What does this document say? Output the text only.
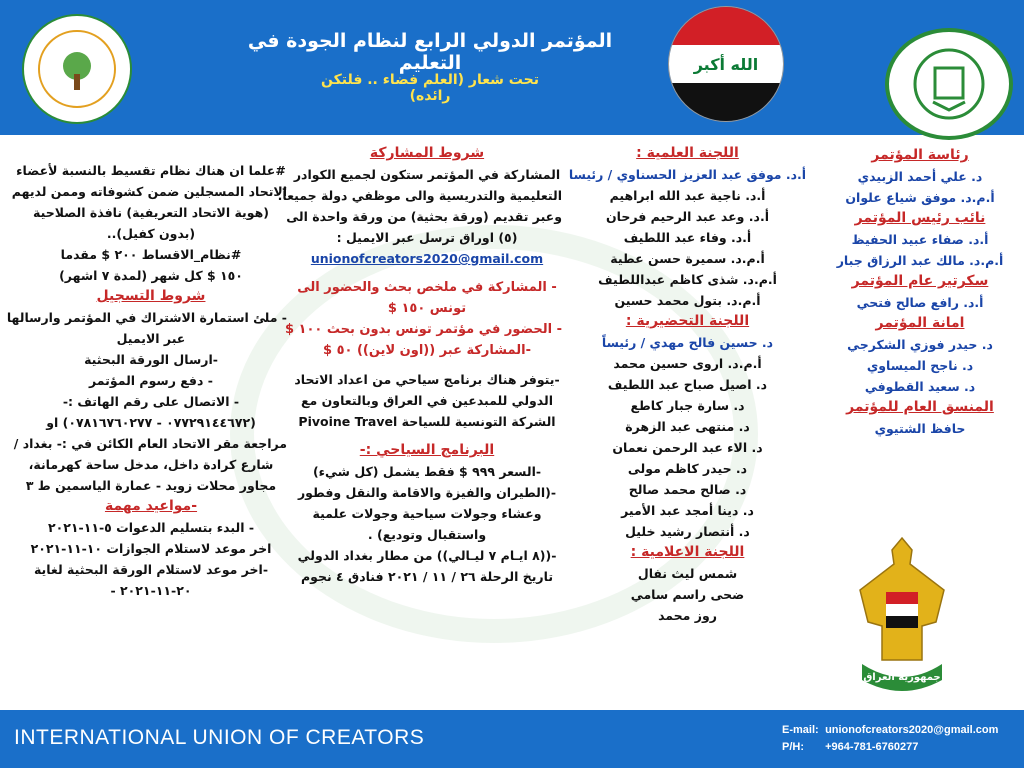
المؤتمر الدولي الرابع لنظام الجودة في التعليم
تحت شعار (العلم فضاء .. فلتكن رائده)
الله أكبر
رئاسة المؤتمر
د. علي أحمد الزبيدي
أ.م.د. موفق شياع علوان
نائب رئيس المؤتمر
أ.د. صفاء عبيد الحفيظ
أ.م.د. مالك عبد الرزاق جبار
سكرتير عام المؤتمر
أ.د. رافع صالح فتحي
امانة المؤتمر
د. حيدر فوزي الشكرجي
د. ناجح الميساوي
د. سعيد القطوفي
المنسق العام للمؤتمر
حافظ الشتيوي
اللجنة العلمية :
أ.د. موفق عبد العزيز الحسناوي / رئيسا
أ.د. ناجية عبد الله ابراهيم
أ.د. وعد عبد الرحيم فرحان
أ.د. وفاء عبد اللطيف
أ.م.د. سميرة حسن عطية
أ.م.د. شذى كاظم عبداللطيف
أ.م.د. بتول محمد حسين
اللجنة التحضيرية :
د. حسين فالح مهدي / رئيساً
أ.م.د. اروى حسين محمد
د. اصيل صباح عبد اللطيف
د. سارة جبار كاطع
د. منتهى عبد الزهرة
د. الاء عبد الرحمن نعمان
د. حيدر كاظم مولى
د. صالح محمد صالح
د. دينا أمجد عبد الأمير
د. أنتصار رشيد خليل
اللجنة الاعلامية :
شمس ليث نفال
ضحى راسم سامي
روز محمد
شروط المشاركة
المشاركة في المؤتمر ستكون لجميع الكوادر
التعليمية والتدريسية والى موظفي دولة جميعاً.
وعبر تقديم (ورقة بحثية) من ورقة واحدة الى
(٥) اوراق ترسل عبر الايميل :
unionofcreators2020@gmail.com
- المشاركة في ملخص بحث والحضور الى
تونس ١٥٠ $
- الحضور في مؤتمر تونس بدون بحث ١٠٠ $
-المشاركة عبر ((اون لاين)) ٥٠ $
-يتوفر هناك برنامج سياحي من اعداد الاتحاد
الدولي للمبدعين في العراق وبالتعاون مع
الشركة التونسية للسياحة Pivoine Travel
البرنامج السياحي :-
-السعر ٩٩٩ $ فقط يشمل (كل شيء)
-(الطيران والفيزة والاقامة والنقل وفطور
وعشاء وجولات سياحية وجولات علمية
واستقبال وتوديع) .
-((٨ ايـام ٧ ليـالي)) من مطار بغداد الدولي
تاريخ الرحلة ٢٦ / ١١ / ٢٠٢١ فنادق ٤ نجوم
#علما ان هناك نظام تقسيط بالنسبة لأعضاء
الاتحاد المسجلين ضمن كشوفاته وممن لديهم
(هوية الاتحاد التعريفية) نافذة الصلاحية
(بدون كفيل)..
#نظام_الاقساط ٢٠٠ $ مقدما
١٥٠ $ كل شهر (لمدة ٧ اشهر)
شروط التسجيل
- ملئ استمارة الاشتراك في المؤتمر وارسالها
عبر الايميل
-ارسال الورقة البحثية
- دفع رسوم المؤتمر
- الاتصال على رقم الهاتف :-
(٠٧٧٢٩١٤٤٦٧٢ - ٠٧٨١٦٧٦٠٢٧٧) او
مراجعة مقر الاتحاد العام الكائن في :- بغداد /
شارع كرادة داخل، مدخل ساحة كهرمانة،
مجاور محلات زويد - عمارة الياسمين ط ٣
-مواعيد مهمة
- البدء بتسليم الدعوات ٥-١١-٢٠٢١
اخر موعد لاستلام الجوازات ١٠-١١-٢٠٢١
-اخر موعد لاستلام الورقة البحثية لغاية
٢٠-١١-٢٠٢١ -
جمهورية العراق
INTERNATIONAL UNION OF CREATORS	E-mail: unionofcreators2020@gmail.com
P/H: +964-781-6760277
